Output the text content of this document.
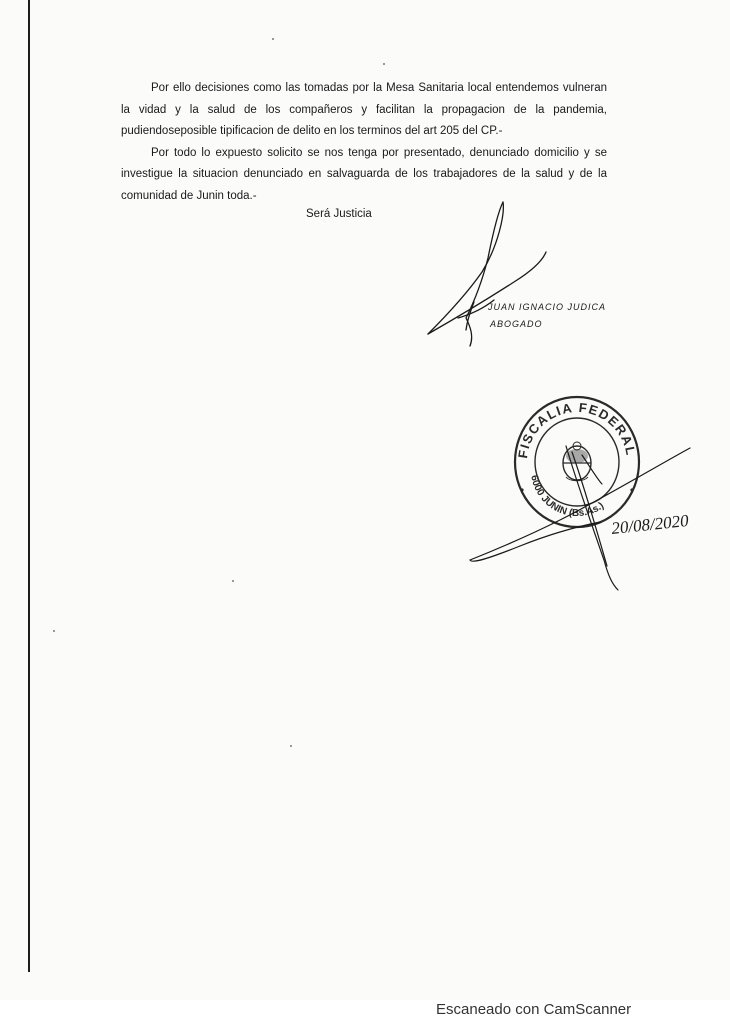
Por ello decisiones como las tomadas por la Mesa Sanitaria local entendemos vulneran la vidad y la salud de los compañeros y facilitan la propagacion de la pandemia, pudiendoseposible tipificacion de delito en los terminos del art 205 del CP.-

Por todo lo expuesto solicito se nos tenga por presentado, denunciado domicilio y se investigue la situacion denunciado en salvaguarda de los trabajadores de la salud y de la comunidad de Junin toda.-

Será Justicia
JUAN IGNACIO JUDICA
ABOGADO
FISCALIA FEDERAL
6000 JUNIN (Bs.As.)
20/08/2020
Escaneado con CamScanner
